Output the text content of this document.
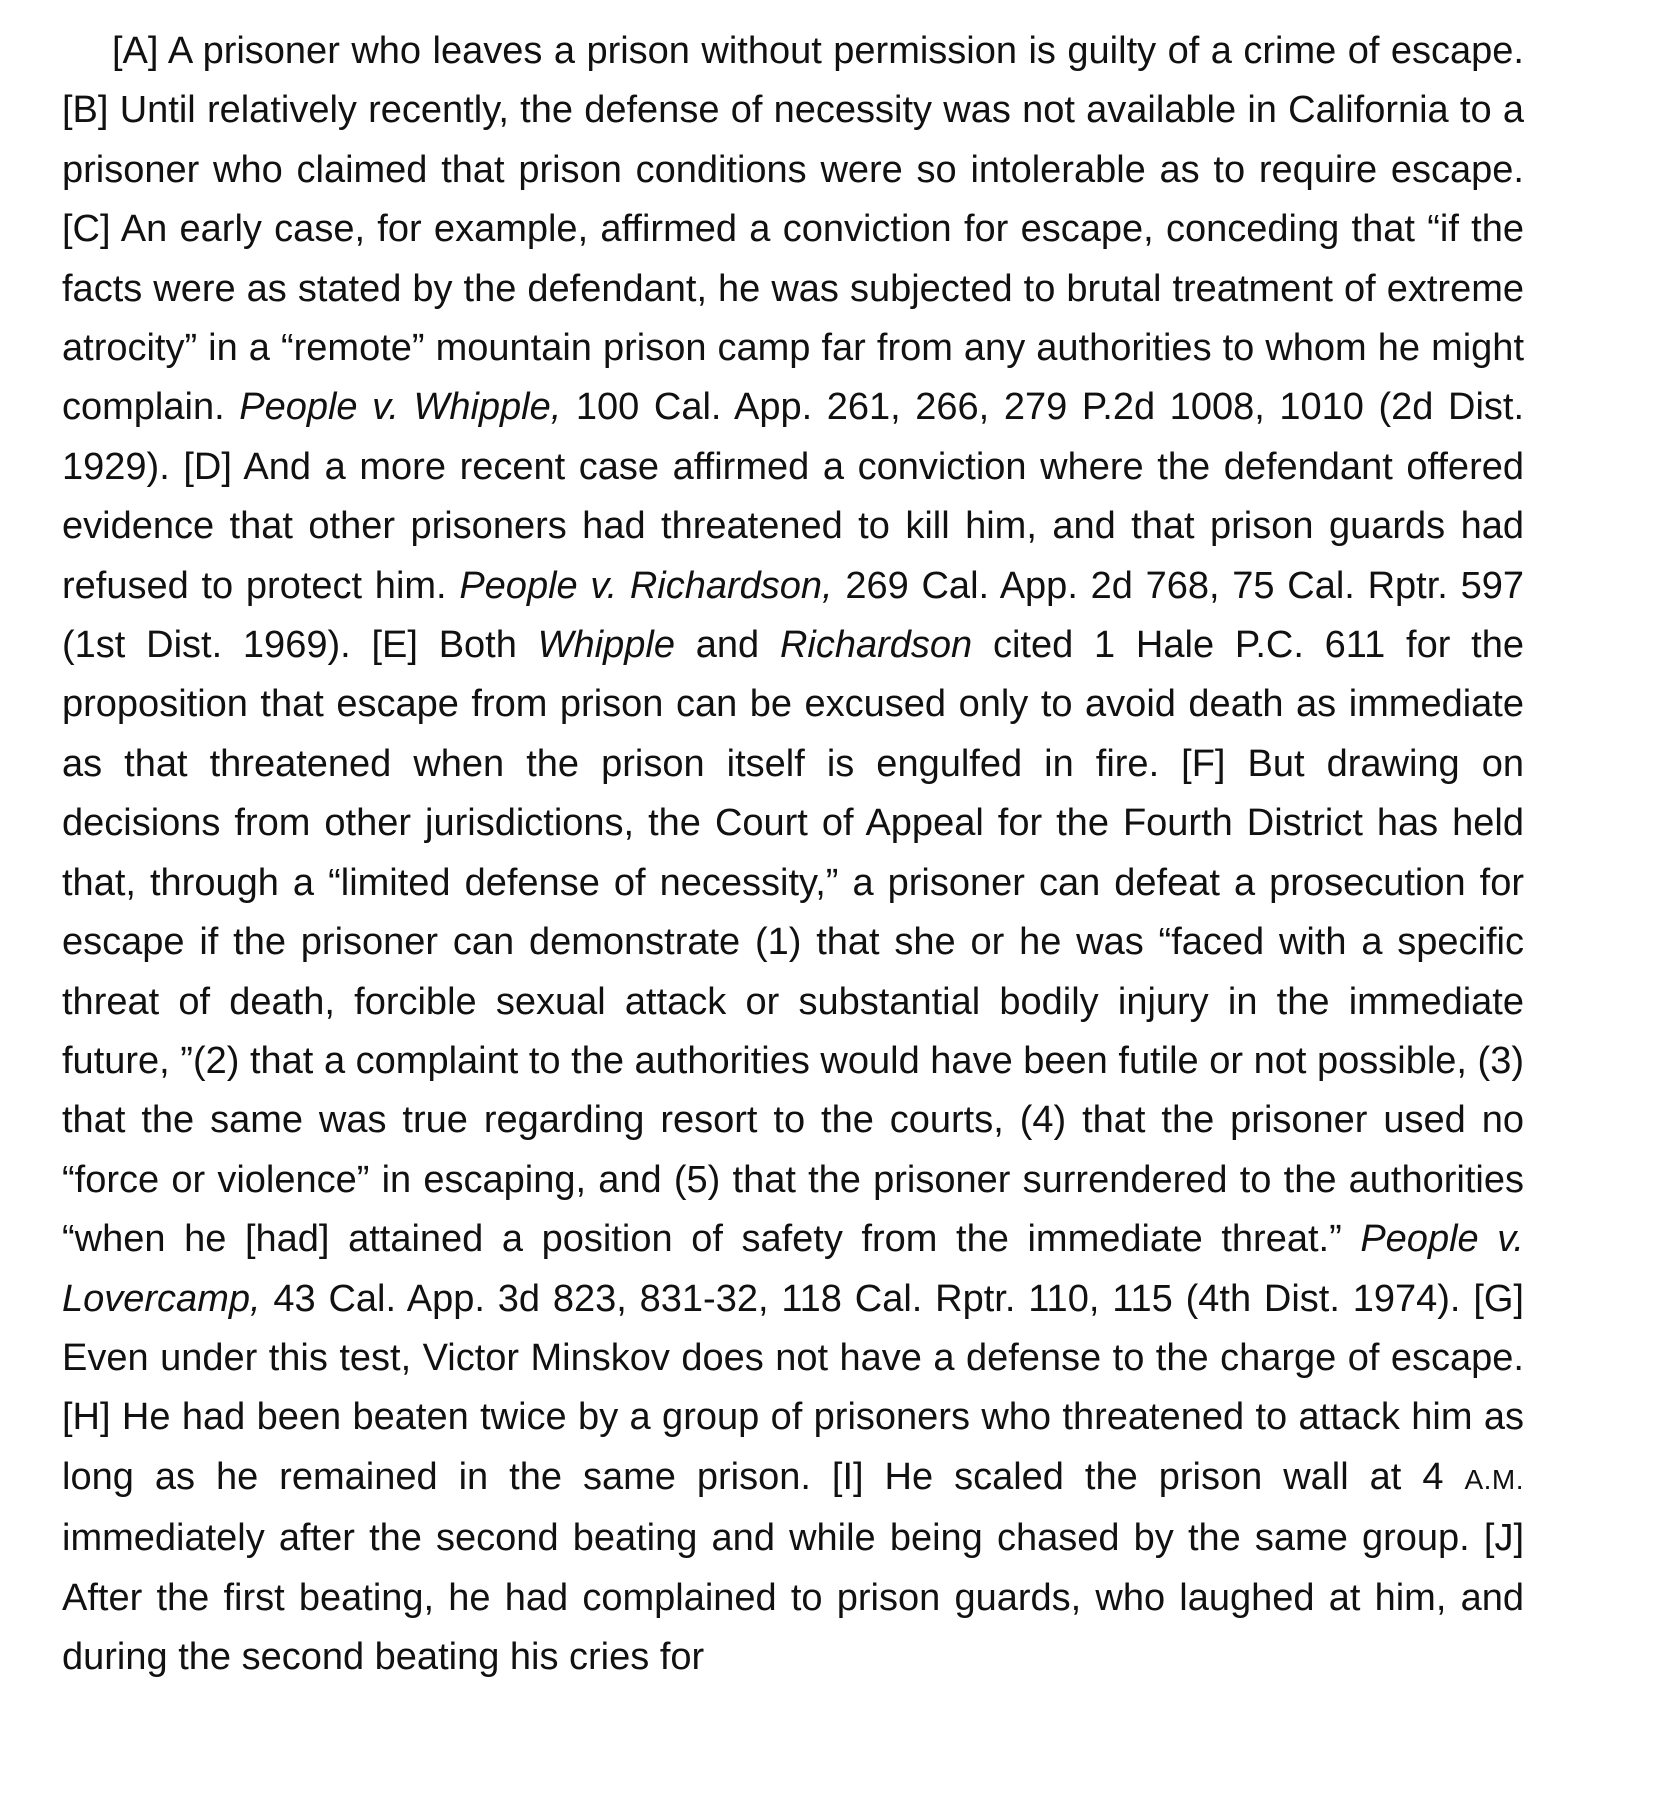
[A] A prisoner who leaves a prison without permission is guilty of a crime of escape. [B] Until relatively recently, the defense of necessity was not available in California to a prisoner who claimed that prison conditions were so intolerable as to require escape. [C] An early case, for example, affirmed a conviction for escape, conceding that “if the facts were as stated by the defendant, he was subjected to brutal treatment of extreme atrocity” in a “remote” mountain prison camp far from any authorities to whom he might complain. People v. Whipple, 100 Cal. App. 261, 266, 279 P.2d 1008, 1010 (2d Dist. 1929). [D] And a more recent case affirmed a conviction where the defendant offered evidence that other prisoners had threatened to kill him, and that prison guards had refused to protect him. People v. Richardson, 269 Cal. App. 2d 768, 75 Cal. Rptr. 597 (1st Dist. 1969). [E] Both Whipple and Richardson cited 1 Hale P.C. 611 for the proposition that escape from prison can be excused only to avoid death as immediate as that threatened when the prison itself is engulfed in fire. [F] But drawing on decisions from other jurisdictions, the Court of Appeal for the Fourth District has held that, through a “limited defense of necessity,” a prisoner can defeat a prosecution for escape if the prisoner can demonstrate (1) that she or he was “faced with a specific threat of death, forcible sexual attack or substantial bodily injury in the immediate future, ”(2) that a complaint to the authorities would have been futile or not possible, (3) that the same was true regarding resort to the courts, (4) that the prisoner used no “force or violence” in escaping, and (5) that the prisoner surrendered to the authorities “when he [had] attained a position of safety from the immediate threat.” People v. Lovercamp, 43 Cal. App. 3d 823, 831-32, 118 Cal. Rptr. 110, 115 (4th Dist. 1974). [G] Even under this test, Victor Minskov does not have a defense to the charge of escape. [H] He had been beaten twice by a group of prisoners who threatened to attack him as long as he remained in the same prison. [I] He scaled the prison wall at 4 A.M. immediately after the second beating and while being chased by the same group. [J] After the first beating, he had complained to prison guards, who laughed at him, and during the second beating his cries for
